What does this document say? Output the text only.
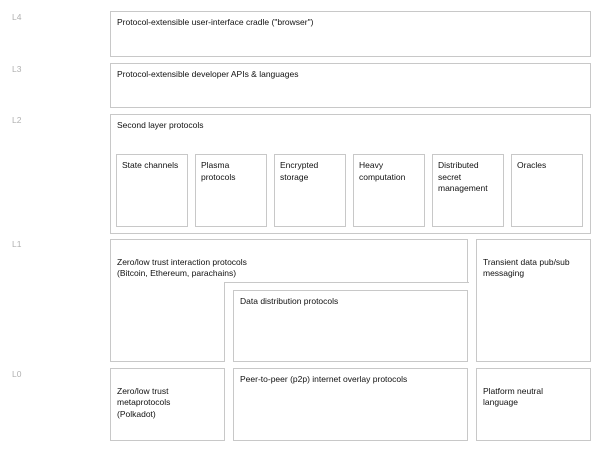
L4
L3
L2
L1
L0
Protocol-extensible user-interface cradle ("browser")
Protocol-extensible developer APIs & languages
Second layer protocols
State channels	Plasma
protocols
Encrypted
storage
Heavy
computation
Distributed
secret
management
Oracles

Zero/low trust interaction protocols
(Bitcoin, Ethereum, parachains)

Data distribution protocols

Transient data pub/sub
messaging

Zero/low trust
metaprotocols
(Polkadot)

Peer-to-peer (p2p) internet overlay protocols

Platform neutral
language
